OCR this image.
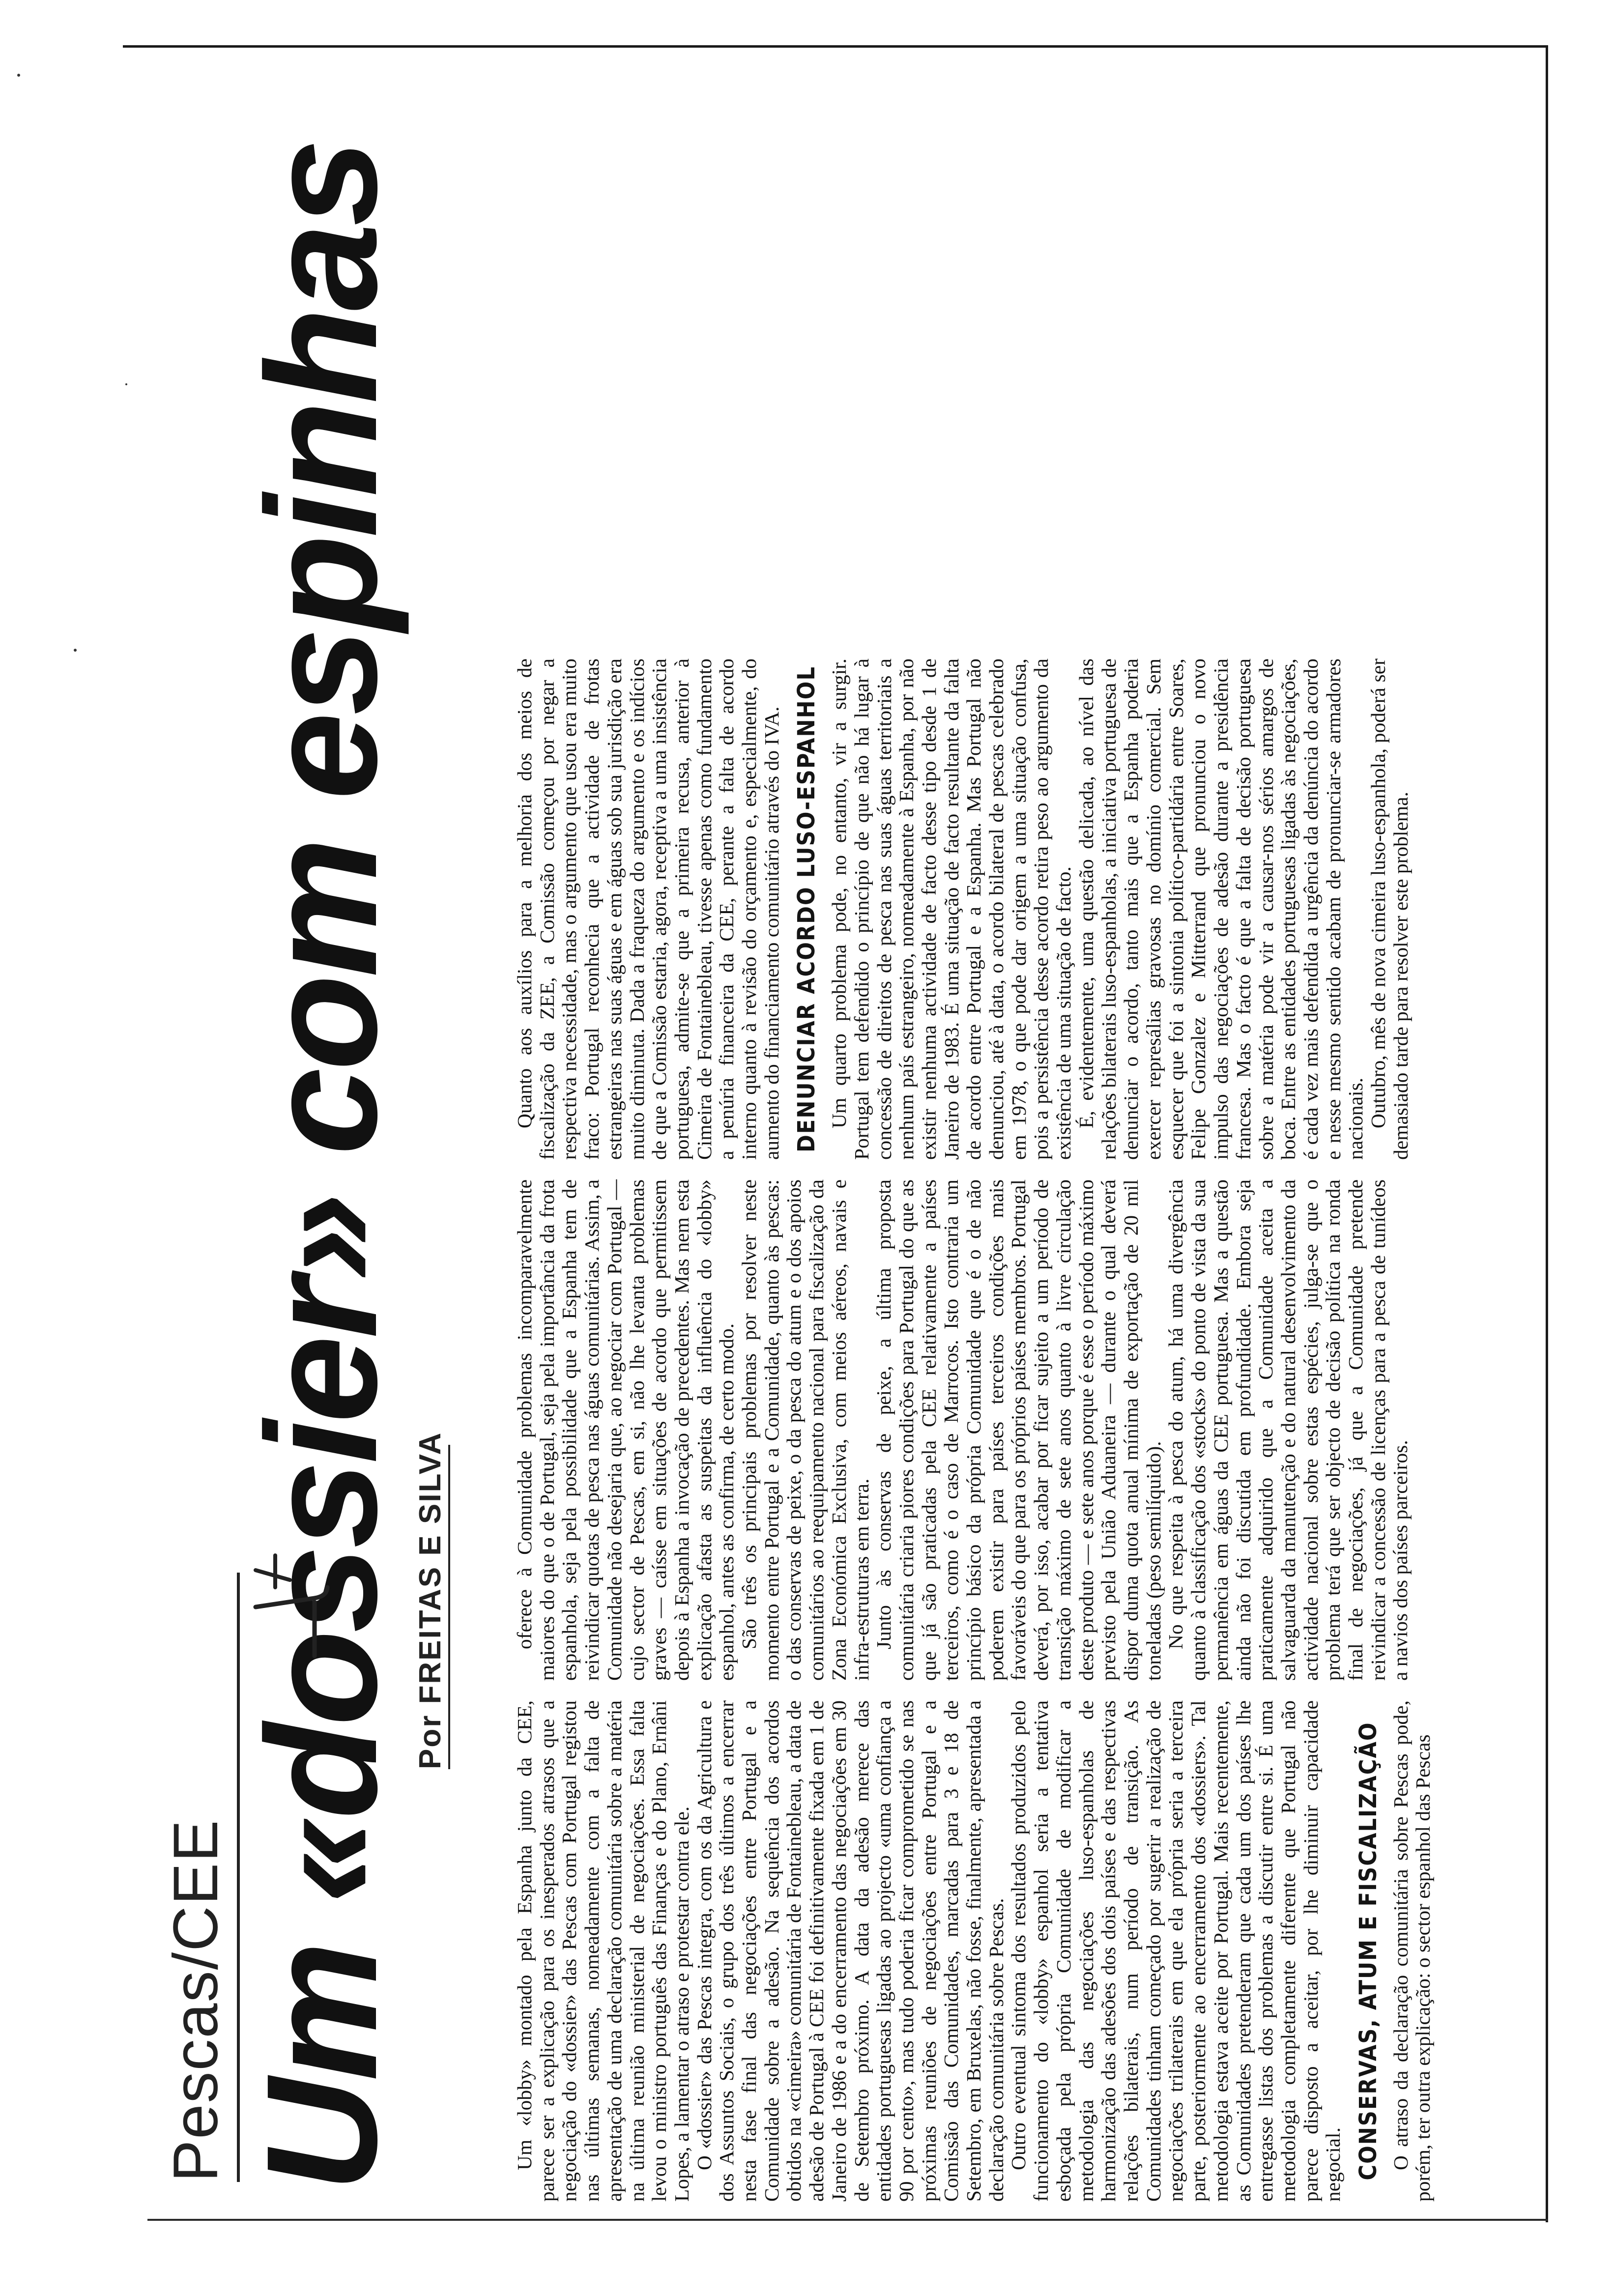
Pescas/CEE Um «dossier» com espinhas Por FREITAS E SILVA

Um «lobby» montado pela Espanha junto da CEE, parece ser a explicação para os inesperados atrasos que a negociação do «dossier» das Pescas com Portugal registou nas últimas semanas, nomeadamente com a falta de apresentação de uma declaração comunitária sobre a matéria na última reunião ministerial de negociações. Essa falta levou o ministro português das Finanças e do Plano, Ernâni Lopes, a lamentar o atraso e protestar contra ele. O «dossier» das Pescas integra, com os da Agricultura e dos Assuntos Sociais, o grupo dos três últimos a encerrar nesta fase final das negociações entre Portugal e a Comunidade sobre a adesão. Na sequência dos acordos obtidos na «cimeira» comunitária de Fontainebleau, a data de adesão de Portugal à CEE foi definitivamente fixada em 1 de Janeiro de 1986 e a do encerramento das negociações em 30 de Setembro próximo. A data da adesão merece das entidades portuguesas ligadas ao projecto «uma confiança a 90 por cento», mas tudo poderia ficar comprometido se nas próximas reuniões de negociações entre Portugal e a Comissão das Comunidades, marcadas para 3 e 18 de Setembro, em Bruxelas, não fosse, finalmente, apresentada a declaração comunitária sobre Pescas. Outro eventual sintoma dos resultados produzidos pelo funcionamento do «lobby» espanhol seria a tentativa esboçada pela própria Comunidade de modificar a metodologia das negociações luso-espanholas de harmonização das adesões dos dois países e das respectivas relações bilaterais, num período de transição. As Comunidades tinham começado por sugerir a realização de negociações trilaterais em que ela própria seria a terceira parte, posteriormente ao encerramento dos «dossiers». Tal metodologia estava aceite por Portugal. Mais recentemente, as Comunidades pretenderam que cada um dos países lhe entregasse listas dos problemas a discutir entre si. É uma metodologia completamente diferente que Portugal não parece disposto a aceitar, por lhe diminuir capacidade negocial. CONSERVAS, ATUM E FISCALIZAÇÃO O atraso da declaração comunitária sobre Pescas pode, porém, ter outra explicação: o sector espanhol das Pescas

oferece à Comunidade problemas incomparavelmente maiores do que o de Portugal, seja pela importância da frota espanhola, seja pela possibilidade que a Espanha tem de reivindicar quotas de pesca nas águas comunitárias. Assim, a Comunidade não desejaria que, ao negociar com Portugal — cujo sector de Pescas, em si, não lhe levanta problemas graves — caísse em situações de acordo que permitissem depois à Espanha a invocação de precedentes. Mas nem esta explicação afasta as suspeitas da influência do «lobby» espanhol, antes as confirma, de certo modo. São três os principais problemas por resolver neste momento entre Portugal e a Comunidade, quanto às pescas: o das conservas de peixe, o da pesca do atum e o dos apoios comunitários ao reequipamento nacional para fiscalização da Zona Económica Exclusiva, com meios aéreos, navais e infra-estruturas em terra. Junto às conservas de peixe, a última proposta comunitária criaria piores condições para Portugal do que as que já são praticadas pela CEE relativamente a países terceiros, como é o caso de Marrocos. Isto contraria um princípio básico da própria Comunidade que é o de não poderem existir para países terceiros condições mais favoráveis do que para os próprios países membros. Portugal deverá, por isso, acabar por ficar sujeito a um período de transição máximo de sete anos quanto à livre circulação deste produto — e sete anos porque é esse o período máximo previsto pela União Aduaneira — durante o qual deverá dispor duma quota anual mínima de exportação de 20 mil toneladas (peso semilíquido). No que respeita à pesca do atum, há uma divergência quanto à classificação dos «stocks» do ponto de vista da sua permanência em águas da CEE portuguesa. Mas a questão ainda não foi discutida em profundidade. Embora seja praticamente adquirido que a Comunidade aceita a salvaguarda da manutenção e do natural desenvolvimento da actividade nacional sobre estas espécies, julga-se que o problema terá que ser objecto de decisão política na ronda final de negociações, já que a Comunidade pretende reivindicar a concessão de licenças para a pesca de tunídeos a navios dos países parceiros.

Quanto aos auxílios para a melhoria dos meios de fiscalização da ZEE, a Comissão começou por negar a respectiva necessidade, mas o argumento que usou era muito fraco: Portugal reconhecia que a actividade de frotas estrangeiras nas suas águas e em águas sob sua jurisdição era muito diminuta. Dada a fraqueza do argumento e os indícios de que a Comissão estaria, agora, receptiva a uma insistência portuguesa, admite-se que a primeira recusa, anterior à Cimeira de Fontainebleau, tivesse apenas como fundamento a penúria financeira da CEE, perante a falta de acordo interno quanto à revisão do orçamento e, especialmente, do aumento do financiamento comunitário através do IVA. DENUNCIAR ACORDO LUSO-ESPANHOL Um quarto problema pode, no entanto, vir a surgir. Portugal tem defendido o princípio de que não há lugar à concessão de direitos de pesca nas suas águas territoriais a nenhum país estrangeiro, nomeadamente à Espanha, por não existir nenhuma actividade de facto desse tipo desde 1 de Janeiro de 1983. É uma situação de facto resultante da falta de acordo entre Portugal e a Espanha. Mas Portugal não denunciou, até à data, o acordo bilateral de pescas celebrado em 1978, o que pode dar origem a uma situação confusa, pois a persistência desse acordo retira peso ao argumento da existência de uma situação de facto. É, evidentemente, uma questão delicada, ao nível das relações bilaterais luso-espanholas, a iniciativa portuguesa de denunciar o acordo, tanto mais que a Espanha poderia exercer represálias gravosas no domínio comercial. Sem esquecer que foi a sintonia político-partidária entre Soares, Felipe Gonzalez e Mitterrand que pronunciou o novo impulso das negociações de adesão durante a presidência francesa. Mas o facto é que a falta de decisão portuguesa sobre a matéria pode vir a causar-nos sérios amargos de boca. Entre as entidades portuguesas ligadas às negociações, é cada vez mais defendida a urgência da denúncia do acordo e nesse mesmo sentido acabam de pronunciar-se armadores nacionais. Outubro, mês de nova cimeira luso-espanhola, poderá ser demasiado tarde para resolver este problema.
